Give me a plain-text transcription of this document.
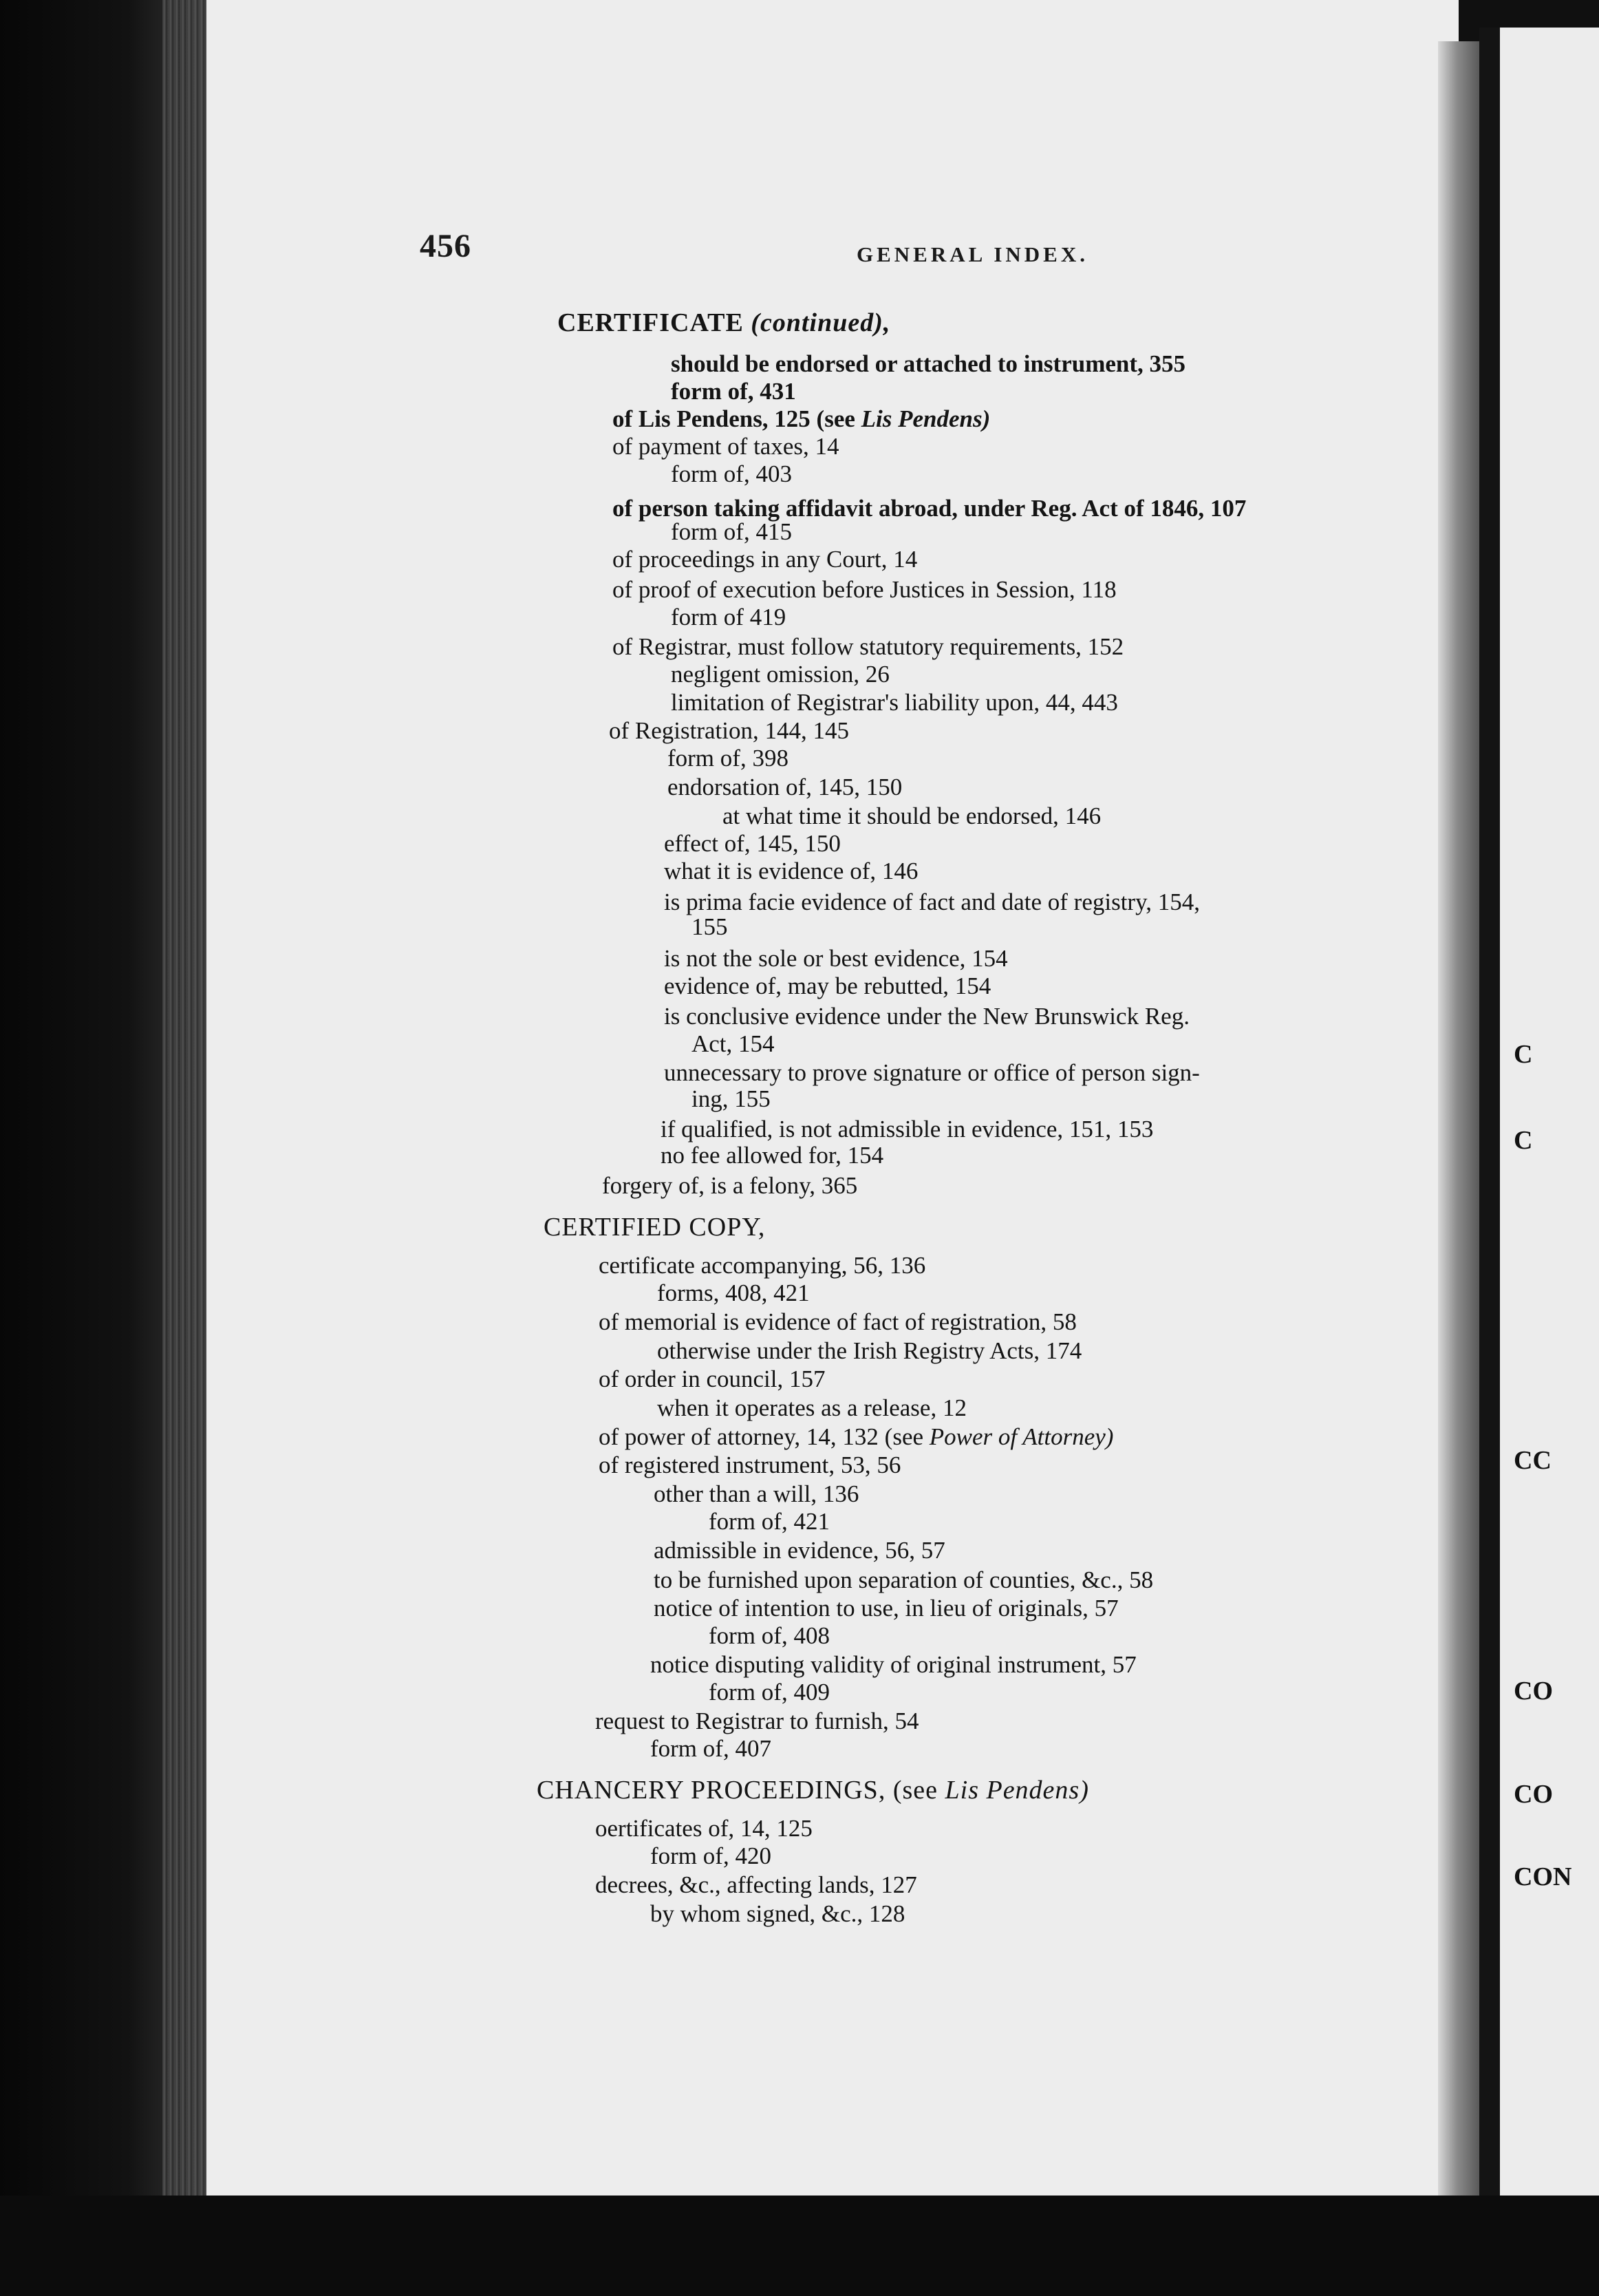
C
C
CC
CO
CO
CON
456	GENERAL INDEX.
CERTIFICATE (continued),
should be endorsed or attached to instrument, 355
form of, 431
of Lis Pendens, 125 (see Lis Pendens)
of payment of taxes, 14
form of, 403
of person taking affidavit abroad, under Reg. Act of 1846, 107
form of, 415
of proceedings in any Court, 14
of proof of execution before Justices in Session, 118
form of 419
of Registrar, must follow statutory requirements, 152
negligent omission, 26
limitation of Registrar's liability upon, 44, 443
of Registration, 144, 145
form of, 398
endorsation of, 145, 150
at what time it should be endorsed, 146
effect of, 145, 150
what it is evidence of, 146
is prima facie evidence of fact and date of registry, 154,
155
is not the sole or best evidence, 154
evidence of, may be rebutted, 154
is conclusive evidence under the New Brunswick Reg.
Act, 154
unnecessary to prove signature or office of person sign-
ing, 155
if qualified, is not admissible in evidence, 151, 153
no fee allowed for, 154
forgery of, is a felony, 365
CERTIFIED COPY,
certificate accompanying, 56, 136
forms, 408, 421
of memorial is evidence of fact of registration, 58
otherwise under the Irish Registry Acts, 174
of order in council, 157
when it operates as a release, 12
of power of attorney, 14, 132 (see Power of Attorney)
of registered instrument, 53, 56
other than a will, 136
form of, 421
admissible in evidence, 56, 57
to be furnished upon separation of counties, &c., 58
notice of intention to use, in lieu of originals, 57
form of, 408
notice disputing validity of original instrument, 57
form of, 409
request to Registrar to furnish, 54
form of, 407
CHANCERY PROCEEDINGS, (see Lis Pendens)
oertificates of, 14, 125
form of, 420
decrees, &c., affecting lands, 127
by whom signed, &c., 128
